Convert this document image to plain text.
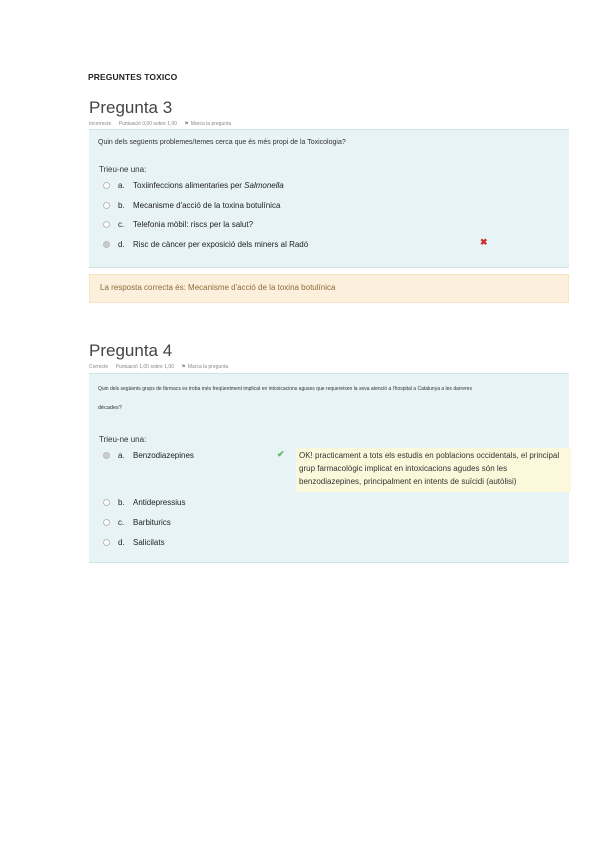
PREGUNTES TOXICO
Pregunta 3
Incorrecte Puntuació 0,00 sobre 1,00 ⚑ Marca la pregunta
Quin dels següents problemes/temes cerca que és més propi de la Toxicologia?
Trieu-ne una:
a.	Toxiinfeccions alimentaries per Salmonella
b.	Mecanisme d'acció de la toxina botulínica
c.	Telefonia mòbil: riscs per la salut?
d.	Risc de càncer per exposició dels miners al Radó	✖
La resposta correcta és: Mecanisme d'acció de la toxina botulínica
Pregunta 4
Correcte Puntuació 1,00 sobre 1,00 ⚑ Marca la pregunta
Quin dels següents grups de fàrmacs es troba més freqüentment implicat en intoxicacions aguses que requereixen la seva atenció a l'hospital a Catalunya a les darreres
dècades?
Trieu-ne una:
a.	Benzodiazepines
b.	Antidepressius
c.	Barbiturics
d.	Salicilats
✔	OK! practicament a tots els estudis en poblacions occidentals, el principal grup farmacològic implicat en intoxicacions agudes són les benzodiazepines, principalment en intents de suïcidi (autòlisi)
